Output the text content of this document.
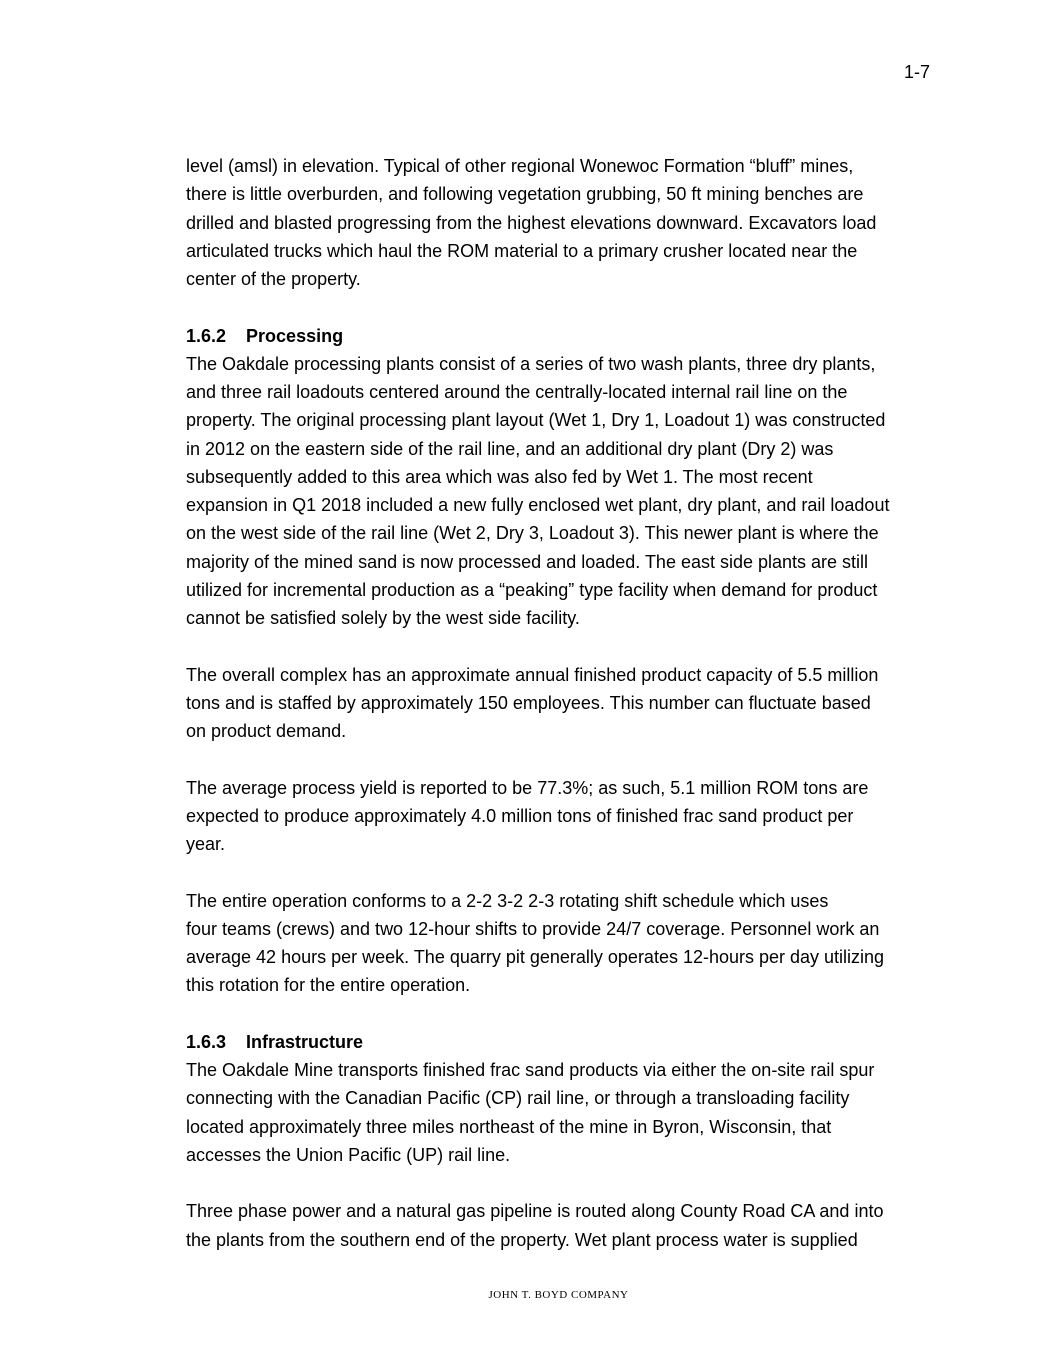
1-7
level (amsl) in elevation. Typical of other regional Wonewoc Formation “bluff” mines,
there is little overburden, and following vegetation grubbing, 50 ft mining benches are
drilled and blasted progressing from the highest elevations downward. Excavators load
articulated trucks which haul the ROM material to a primary crusher located near the
center of the property.
1.6.2    Processing
The Oakdale processing plants consist of a series of two wash plants, three dry plants,
and three rail loadouts centered around the centrally-located internal rail line on the
property. The original processing plant layout (Wet 1, Dry 1, Loadout 1) was constructed
in 2012 on the eastern side of the rail line, and an additional dry plant (Dry 2) was
subsequently added to this area which was also fed by Wet 1. The most recent
expansion in Q1 2018 included a new fully enclosed wet plant, dry plant, and rail loadout
on the west side of the rail line (Wet 2, Dry 3, Loadout 3). This newer plant is where the
majority of the mined sand is now processed and loaded. The east side plants are still
utilized for incremental production as a “peaking” type facility when demand for product
cannot be satisfied solely by the west side facility.
The overall complex has an approximate annual finished product capacity of 5.5 million
tons and is staffed by approximately 150 employees. This number can fluctuate based
on product demand.
The average process yield is reported to be 77.3%; as such, 5.1 million ROM tons are
expected to produce approximately 4.0 million tons of finished frac sand product per
year.
The entire operation conforms to a 2-2 3-2 2-3 rotating shift schedule which uses
four teams (crews) and two 12-hour shifts to provide 24/7 coverage. Personnel work an
average 42 hours per week. The quarry pit generally operates 12-hours per day utilizing
this rotation for the entire operation.
1.6.3    Infrastructure
The Oakdale Mine transports finished frac sand products via either the on-site rail spur
connecting with the Canadian Pacific (CP) rail line, or through a transloading facility
located approximately three miles northeast of the mine in Byron, Wisconsin, that
accesses the Union Pacific (UP) rail line.
Three phase power and a natural gas pipeline is routed along County Road CA and into
the plants from the southern end of the property. Wet plant process water is supplied
JOHN T. BOYD COMPANY
